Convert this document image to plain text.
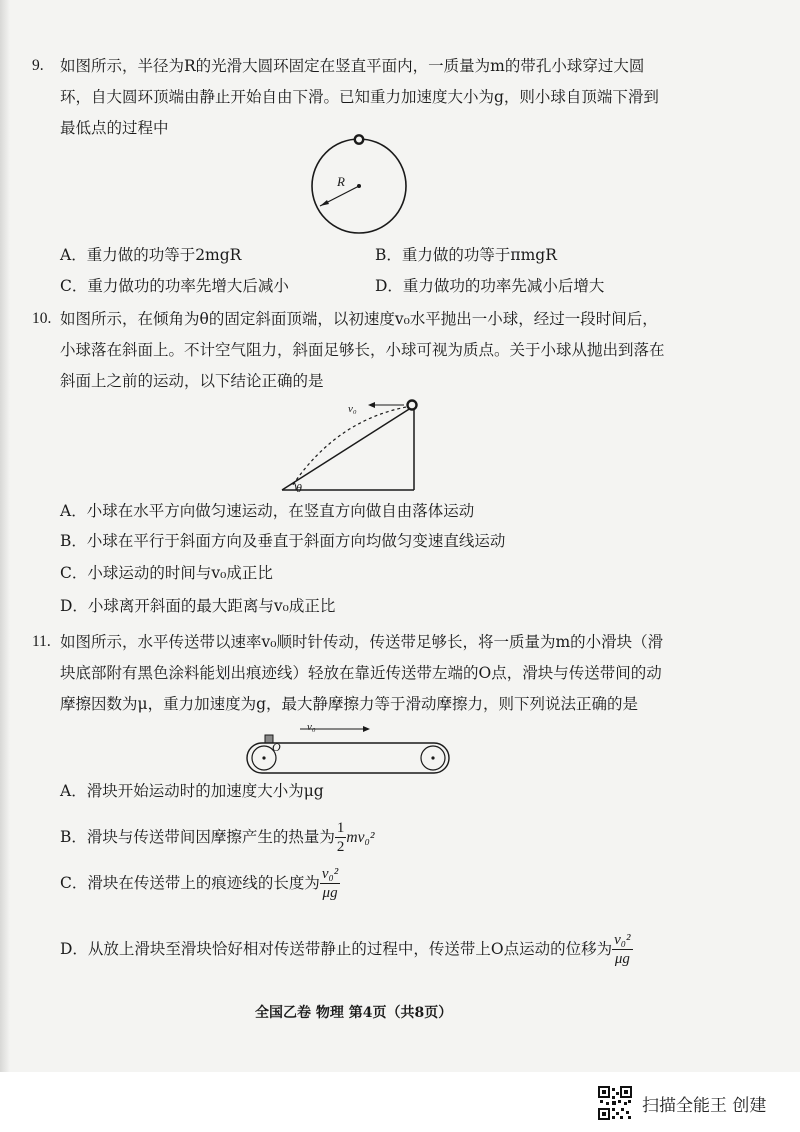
9. 如图所示，半径为R的光滑大圆环固定在竖直平面内，一质量为m的带孔小球穿过大圆
环，自大圆环顶端由静止开始自由下滑。已知重力加速度大小为g，则小球自顶端下滑到
最低点的过程中
R
A．重力做的功等于2mgR	B．重力做的功等于πmgR
C．重力做功的功率先增大后减小	D．重力做功的功率先减小后增大
10. 如图所示，在倾角为θ的固定斜面顶端，以初速度v₀水平抛出一小球，经过一段时间后，
小球落在斜面上。不计空气阻力，斜面足够长，小球可视为质点。关于小球从抛出到落在
斜面上之前的运动，以下结论正确的是
v₀
θ
A．小球在水平方向做匀速运动，在竖直方向做自由落体运动
B．小球在平行于斜面方向及垂直于斜面方向均做匀变速直线运动
C．小球运动的时间与v₀成正比
D．小球离开斜面的最大距离与v₀成正比
11. 如图所示，水平传送带以速率v₀顺时针传动，传送带足够长，将一质量为m的小滑块（滑
块底部附有黑色涂料能划出痕迹线）轻放在靠近传送带左端的O点，滑块与传送带间的动
摩擦因数为μ，重力加速度为g，最大静摩擦力等于滑动摩擦力，则下列说法正确的是
v₀
O
A．滑块开始运动时的加速度大小为μg
B．滑块与传送带间因摩擦产生的热量为 $\frac{1}{2} mv_0^2$
C．滑块在传送带上的痕迹线的长度为 $\frac{\text{v₀²}}{\mu g}$
D．从放上滑块至滑块恰好相对传送带静止的过程中，传送带上O点运动的位移为 $\frac{\text{v₀²}}{\mu g}$
全国乙卷 物理 第4页（共8页）
扫描全能王 创建
